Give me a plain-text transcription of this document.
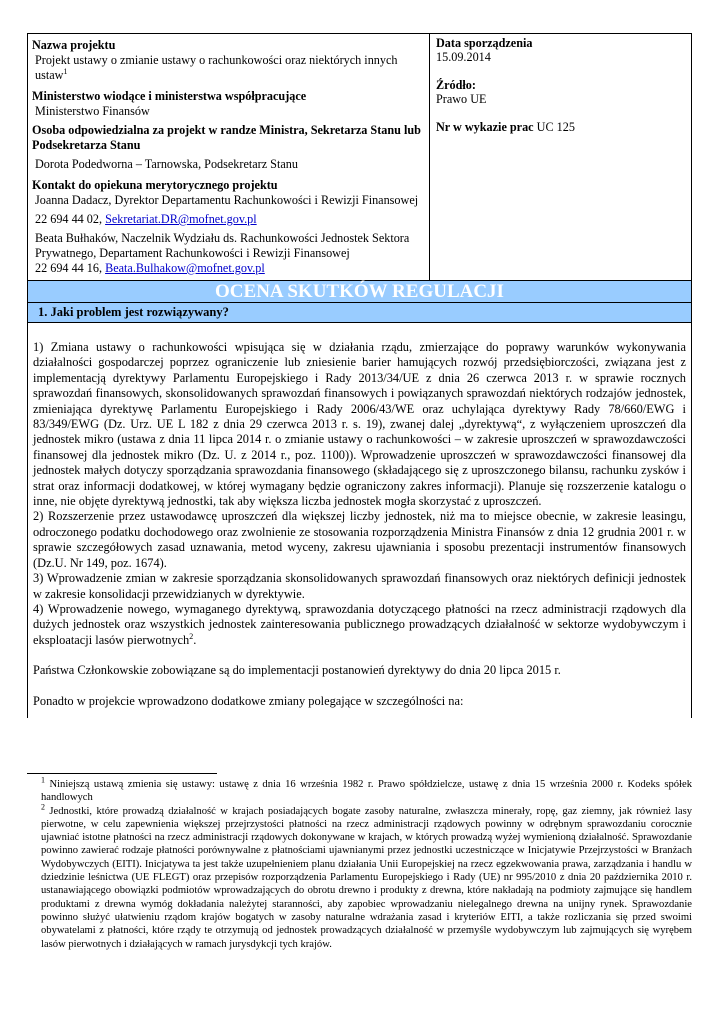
Nazwa projektu
Projekt ustawy o zmianie ustawy o rachunkowości oraz niektórych innych ustaw$^1$
Ministerstwo wiodące i ministerstwa współpracujące
Ministerstwo Finansów
Osoba odpowiedzialna za projekt w randze Ministra, Sekretarza Stanu lub Podsekretarza Stanu
Dorota Podedworna – Tarnowska, Podsekretarz Stanu
Kontakt do opiekuna merytorycznego projektu
Joanna Dadacz, Dyrektor Departamentu Rachunkowości i Rewizji Finansowej
22 694 44 02, Sekretariat.DR@mofnet.gov.pl
Beata Bułhaków, Naczelnik Wydziału ds. Rachunkowości Jednostek Sektora Prywatnego, Departament Rachunkowości i Rewizji Finansowej
22 694 44 16, Beata.Bulhakow@mofnet.gov.pl
Data sporządzenia
15.09.2014
Źródło:
Prawo UE
Nr w wykazie prac UC 125
OCENA SKUTKÓW REGULACJI
1. Jaki problem jest rozwiązywany?

1) Zmiana ustawy o rachunkowości wpisująca się w działania rządu, zmierzające do poprawy warunków wykonywania działalności gospodarczej poprzez ograniczenie lub zniesienie barier hamujących rozwój przedsiębiorczości, związana jest z implementacją dyrektywy Parlamentu Europejskiego i Rady 2013/34/UE z dnia 26 czerwca 2013 r. w sprawie rocznych sprawozdań finansowych, skonsolidowanych sprawozdań finansowych i powiązanych sprawozdań niektórych rodzajów jednostek, zmieniająca dyrektywę Parlamentu Europejskiego i Rady 2006/43/WE oraz uchylająca dyrektywy Rady 78/660/EWG i 83/349/EWG (Dz. Urz. UE L 182 z dnia 29 czerwca 2013 r. s. 19), zwanej dalej „dyrektywą“, z wyłączeniem uproszczeń dla jednostek mikro (ustawa z dnia 11 lipca 2014 r. o zmianie ustawy o rachunkowości – w zakresie uproszczeń w sprawozdawczości finansowej dla jednostek mikro (Dz. U. z 2014 r., poz. 1100)). Wprowadzenie uproszczeń w sprawozdawczości finansowej dla jednostek małych dotyczy sporządzania sprawozdania finansowego (składającego się z uproszczonego bilansu, rachunku zysków i strat oraz informacji dodatkowej, w której wymagany będzie ograniczony zakres informacji). Planuje się rozszerzenie katalogu o inne, nie objęte dyrektywą jednostki, tak aby większa liczba jednostek mogła skorzystać z uproszczeń.

2) Rozszerzenie przez ustawodawcę uproszczeń dla większej liczby jednostek, niż ma to miejsce obecnie, w zakresie leasingu, odroczonego podatku dochodowego oraz zwolnienie ze stosowania rozporządzenia Ministra Finansów z dnia 12 grudnia 2001 r. w sprawie szczegółowych zasad uznawania, metod wyceny, zakresu ujawniania i sposobu prezentacji instrumentów finansowych (Dz.U. Nr 149, poz. 1674).

3) Wprowadzenie zmian w zakresie sporządzania skonsolidowanych sprawozdań finansowych oraz niektórych definicji jednostek w zakresie konsolidacji przewidzianych w dyrektywie.

4) Wprowadzenie nowego, wymaganego dyrektywą, sprawozdania dotyczącego płatności na rzecz administracji rządowych dla dużych jednostek oraz wszystkich jednostek zainteresowania publicznego prowadzących działalność w sektorze wydobywczym i eksploatacji lasów pierwotnych$^2$.

Państwa Członkowskie zobowiązane są do implementacji postanowień dyrektywy do dnia 20 lipca 2015 r.

Ponadto w projekcie wprowadzono dodatkowe zmiany polegające w szczególności na:

$^1$ Niniejszą ustawą zmienia się ustawy: ustawę z dnia 16 września 1982 r. Prawo spółdzielcze, ustawę z dnia 15 września 2000 r. Kodeks spółek handlowych
$^2$ Jednostki, które prowadzą działalność w krajach posiadających bogate zasoby naturalne, zwłaszcza minerały, ropę, gaz ziemny, jak również lasy pierwotne, w celu zapewnienia większej przejrzystości płatności na rzecz administracji rządowych powinny w odrębnym sprawozdaniu corocznie ujawniać istotne płatności na rzecz administracji rządowych dokonywane w krajach, w których prowadzą wyżej wymienioną działalność. Sprawozdanie powinno zawierać rodzaje płatności porównywalne z płatnościami ujawnianymi przez jednostki uczestniczące w Inicjatywie Przejrzystości w Branżach Wydobywczych (EITI). Inicjatywa ta jest także uzupełnieniem planu działania Unii Europejskiej na rzecz egzekwowania prawa, zarządzania i handlu w dziedzinie leśnictwa (UE FLEGT) oraz przepisów rozporządzenia Parlamentu Europejskiego i Rady (UE) nr 995/2010 z dnia 20 października 2010 r. ustanawiającego obowiązki podmiotów wprowadzających do obrotu drewno i produkty z drewna, które nakładają na podmioty zajmujące się handlem produktami z drewna wymóg dokładania należytej staranności, aby zapobiec wprowadzaniu nielegalnego drewna na unijny rynek. Sprawozdanie powinno służyć ułatwieniu rządom krajów bogatych w zasoby naturalne wdrażania zasad i kryteriów EITI, a także rozliczania się przed swoimi obywatelami z płatności, które rządy te otrzymują od jednostek prowadzących działalność w przemyśle wydobywczym lub zajmujących się wyrębem lasów pierwotnych i działających w ramach jurysdykcji tych krajów.
